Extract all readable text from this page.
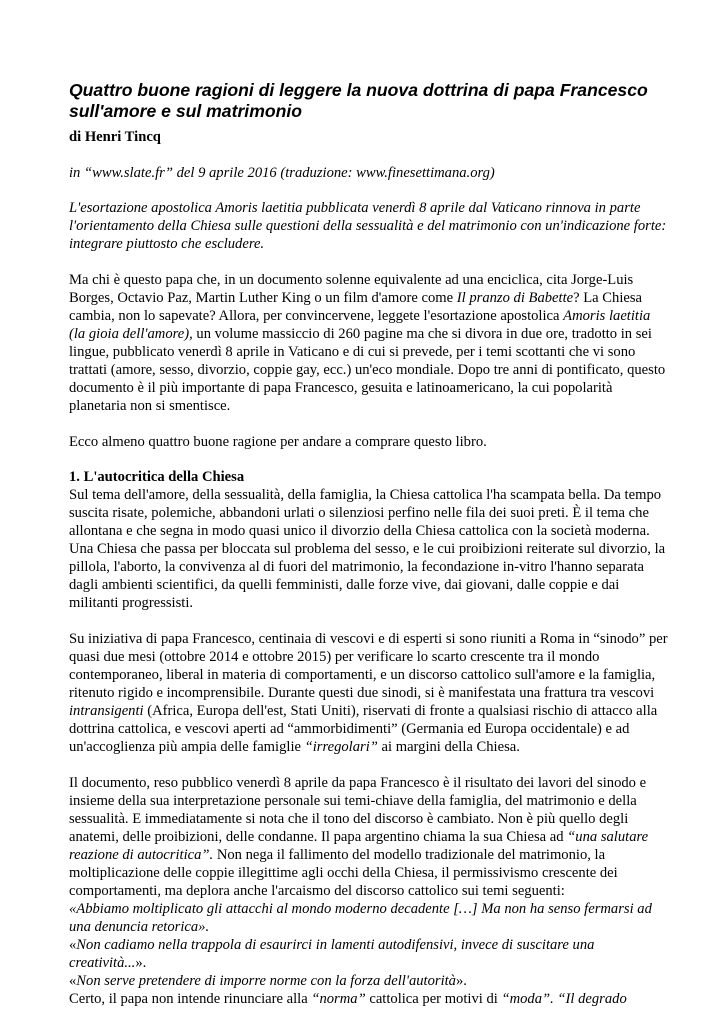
Quattro buone ragioni di leggere la nuova dottrina di papa Francesco sull'amore e sul matrimonio

di Henri Tincq

in “www.slate.fr” del 9 aprile 2016 (traduzione: www.finesettimana.org)

L'esortazione apostolica Amoris laetitia pubblicata venerdì 8 aprile dal Vaticano rinnova in parte l'orientamento della Chiesa sulle questioni della sessualità e del matrimonio con un'indicazione forte: integrare piuttosto che escludere.

Ma chi è questo papa che, in un documento solenne equivalente ad una enciclica, cita Jorge-Luis Borges, Octavio Paz, Martin Luther King o un film d'amore come Il pranzo di Babette? La Chiesa cambia, non lo sapevate? Allora, per convincervene, leggete l'esortazione apostolica Amoris laetitia (la gioia dell'amore), un volume massiccio di 260 pagine ma che si divora in due ore, tradotto in sei lingue, pubblicato venerdì 8 aprile in Vaticano e di cui si prevede, per i temi scottanti che vi sono trattati (amore, sesso, divorzio, coppie gay, ecc.) un'eco mondiale. Dopo tre anni di pontificato, questo documento è il più importante di papa Francesco, gesuita e latinoamericano, la cui popolarità planetaria non si smentisce.

Ecco almeno quattro buone ragione per andare a comprare questo libro.

1. L'autocritica della Chiesa

Sul tema dell'amore, della sessualità, della famiglia, la Chiesa cattolica l'ha scampata bella. Da tempo suscita risate, polemiche, abbandoni urlati o silenziosi perfino nelle fila dei suoi preti. È il tema che allontana e che segna in modo quasi unico il divorzio della Chiesa cattolica con la società moderna. Una Chiesa che passa per bloccata sul problema del sesso, e le cui proibizioni reiterate sul divorzio, la pillola, l'aborto, la convivenza al di fuori del matrimonio, la fecondazione in-vitro l'hanno separata dagli ambienti scientifici, da quelli femministi, dalle forze vive, dai giovani, dalle coppie e dai militanti progressisti.

Su iniziativa di papa Francesco, centinaia di vescovi e di esperti si sono riuniti a Roma in “sinodo” per quasi due mesi (ottobre 2014 e ottobre 2015) per verificare lo scarto crescente tra il mondo contemporaneo, liberal in materia di comportamenti, e un discorso cattolico sull'amore e la famiglia, ritenuto rigido e incomprensibile. Durante questi due sinodi, si è manifestata una frattura tra vescovi intransigenti (Africa, Europa dell'est, Stati Uniti), riservati di fronte a qualsiasi rischio di attacco alla dottrina cattolica, e vescovi aperti ad “ammorbidimenti” (Germania ed Europa occidentale) e ad un'accoglienza più ampia delle famiglie “irregolari” ai margini della Chiesa.

Il documento, reso pubblico venerdì 8 aprile da papa Francesco è il risultato dei lavori del sinodo e insieme della sua interpretazione personale sui temi-chiave della famiglia, del matrimonio e della sessualità. E immediatamente si nota che il tono del discorso è cambiato. Non è più quello degli anatemi, delle proibizioni, delle condanne. Il papa argentino chiama la sua Chiesa ad “una salutare reazione di autocritica”. Non nega il fallimento del modello tradizionale del matrimonio, la moltiplicazione delle coppie illegittime agli occhi della Chiesa, il permissivismo crescente dei comportamenti, ma deplora anche l'arcaismo del discorso cattolico sui temi seguenti:

«Abbiamo moltiplicato gli attacchi al mondo moderno decadente […] Ma non ha senso fermarsi ad una denuncia retorica».

«Non cadiamo nella trappola di esaurirci in lamenti autodifensivi, invece di suscitare una creatività...».

«Non serve pretendere di imporre norme con la forza dell'autorità».

Certo, il papa non intende rinunciare alla “norma” cattolica per motivi di “moda”. “Il degrado
